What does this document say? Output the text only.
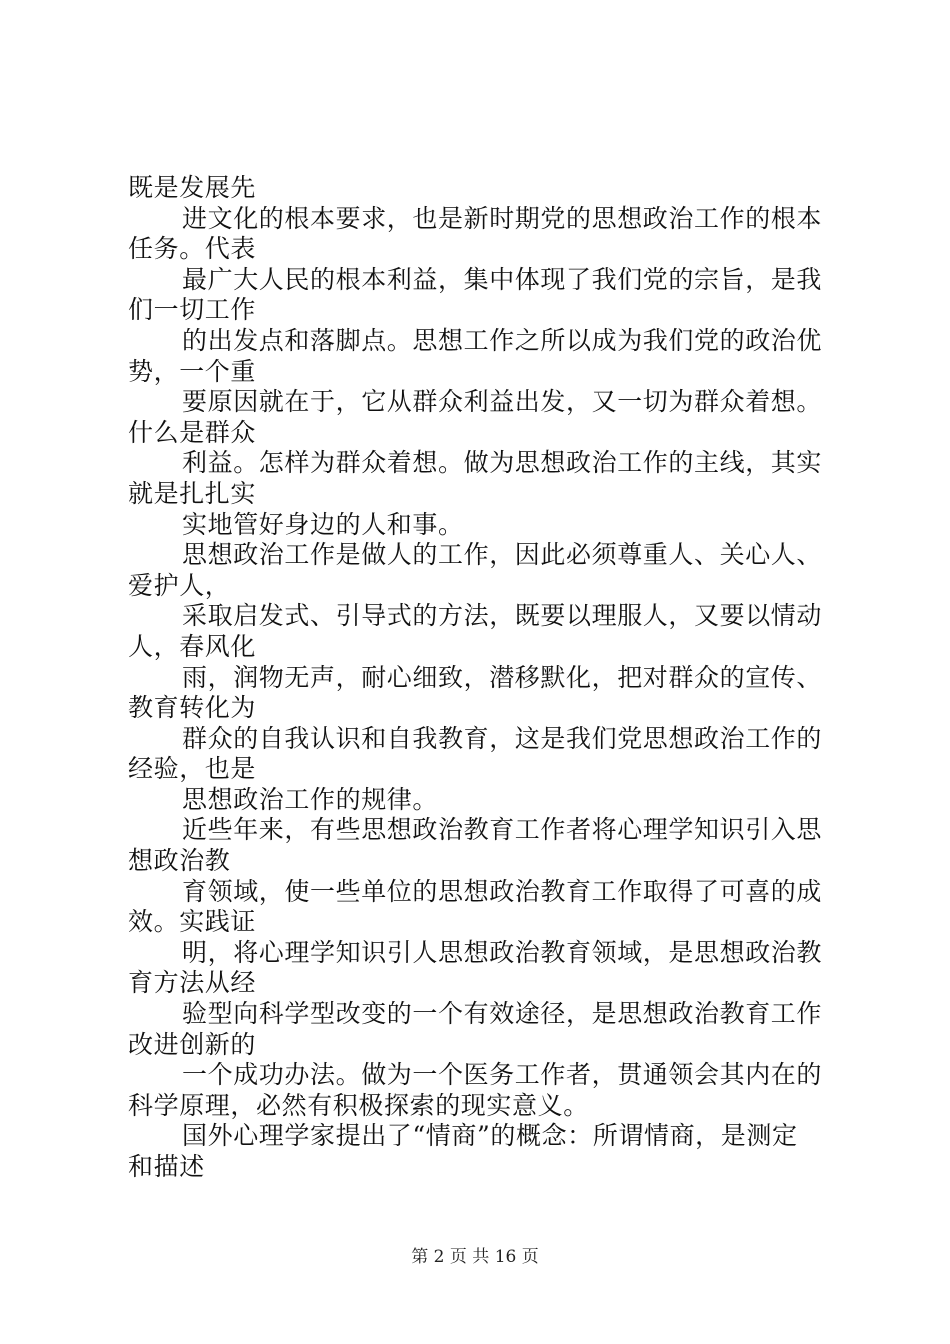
既是发展先
进文化的根本要求，也是新时期党的思想政治工作的根本
任务。代表
最广大人民的根本利益，集中体现了我们党的宗旨，是我
们一切工作
的出发点和落脚点。思想工作之所以成为我们党的政治优
势，一个重
要原因就在于，它从群众利益出发，又一切为群众着想。
什么是群众
利益。怎样为群众着想。做为思想政治工作的主线，其实
就是扎扎实
实地管好身边的人和事。
思想政治工作是做人的工作，因此必须尊重人、关心人、
爱护人，
采取启发式、引导式的方法，既要以理服人，又要以情动
人，春风化
雨，润物无声，耐心细致，潜移默化，把对群众的宣传、
教育转化为
群众的自我认识和自我教育，这是我们党思想政治工作的
经验，也是
思想政治工作的规律。
近些年来，有些思想政治教育工作者将心理学知识引入思
想政治教
育领域，使一些单位的思想政治教育工作取得了可喜的成
效。实践证
明，将心理学知识引人思想政治教育领域，是思想政治教
育方法从经
验型向科学型改变的一个有效途径，是思想政治教育工作
改进创新的
一个成功办法。做为一个医务工作者，贯通领会其内在的
科学原理，必然有积极探索的现实意义。
国外心理学家提出了“情商”的概念：所谓情商，是测定
和描述
第 2 页 共 16 页
